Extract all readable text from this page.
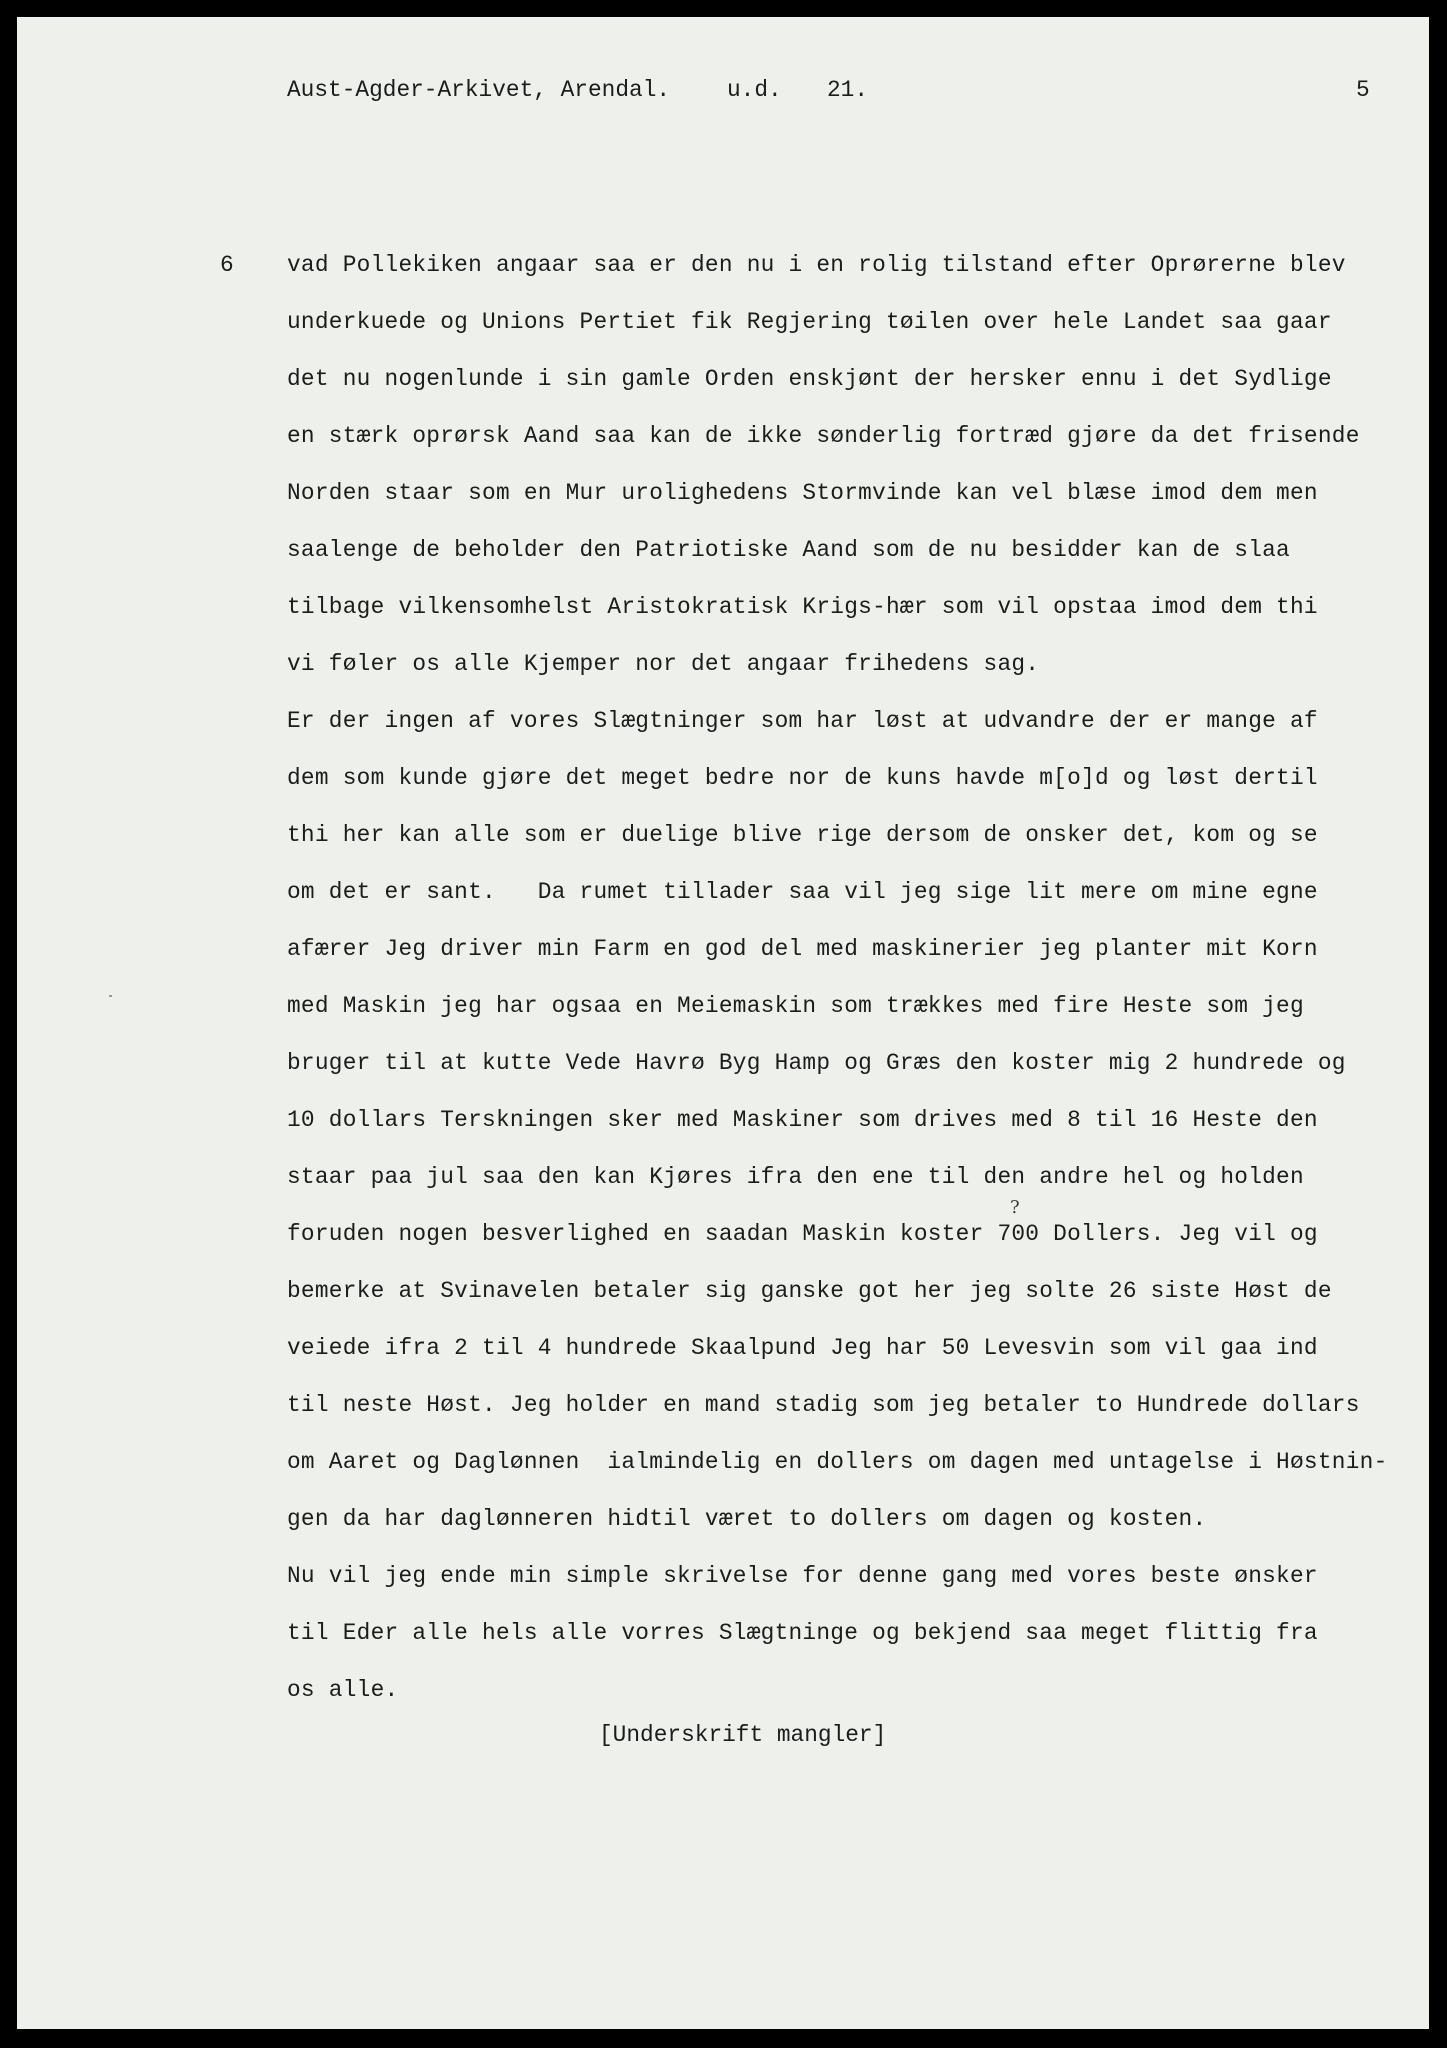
Aust-Agder-Arkivet, Arendal. u.d. 21.	5
6 vad Pollekiken angaar saa er den nu i en rolig tilstand efter Oprørerne blev
underkuede og Unions Pertiet fik Regjering tøilen over hele Landet saa gaar
det nu nogenlunde i sin gamle Orden enskjønt der hersker ennu i det Sydlige
en stærk oprørsk Aand saa kan de ikke sønderlig fortræd gjøre da det frisende
Norden staar som en Mur urolighedens Stormvinde kan vel blæse imod dem men
saalenge de beholder den Patriotiske Aand som de nu besidder kan de slaa
tilbage vilkensomhelst Aristokratisk Krigs-hær som vil opstaa imod dem thi
vi føler os alle Kjemper nor det angaar frihedens sag.
Er der ingen af vores Slægtninger som har løst at udvandre der er mange af
dem som kunde gjøre det meget bedre nor de kuns havde m[o]d og løst dertil
thi her kan alle som er duelige blive rige dersom de onsker det, kom og se
om det er sant.   Da rumet tillader saa vil jeg sige lit mere om mine egne
afærer Jeg driver min Farm en god del med maskinerier jeg planter mit Korn
med Maskin jeg har ogsaa en Meiemaskin som trækkes med fire Heste som jeg
bruger til at kutte Vede Havrø Byg Hamp og Græs den koster mig 2 hundrede og
10 dollars Terskningen sker med Maskiner som drives med 8 til 16 Heste den
staar paa jul saa den kan Kjøres ifra den ene til den andre hel og holden
foruden nogen besverlighed en saadan Maskin koster 700 Dollers. Jeg vil og
bemerke at Svinavelen betaler sig ganske got her jeg solte 26 siste Høst de
veiede ifra 2 til 4 hundrede Skaalpund Jeg har 50 Levesvin som vil gaa ind
til neste Høst. Jeg holder en mand stadig som jeg betaler to Hundrede dollars
om Aaret og Daglønnen  ialmindelig en dollers om dagen med untagelse i Høstnin-
gen da har daglønneren hidtil været to dollers om dagen og kosten.
Nu vil jeg ende min simple skrivelse for denne gang med vores beste ønsker
til Eder alle hels alle vorres Slægtninge og bekjend saa meget flittig fra
os alle.
?
[Underskrift mangler]
